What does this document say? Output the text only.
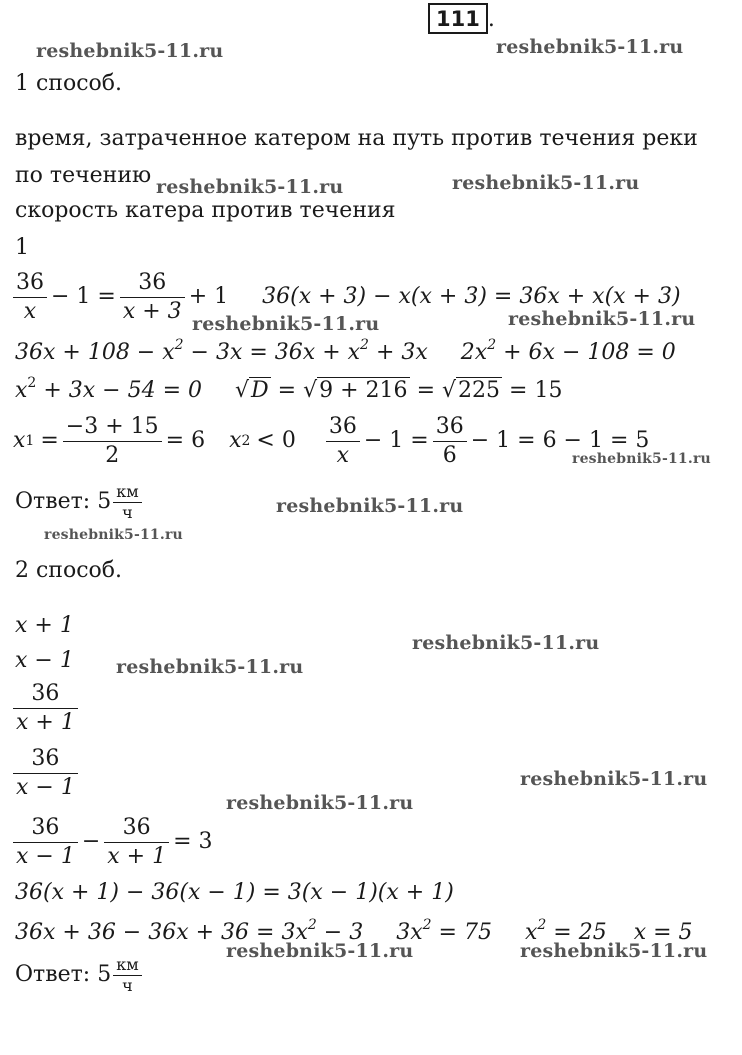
111 .
reshebnik5-11.ru	reshebnik5-11.ru
reshebnik5-11.ru	reshebnik5-11.ru
reshebnik5-11.ru	reshebnik5-11.ru
reshebnik5-11.ru
reshebnik5-11.ru
reshebnik5-11.ru
reshebnik5-11.ru
reshebnik5-11.ru
reshebnik5-11.ru
reshebnik5-11.ru
reshebnik5-11.ru	reshebnik5-11.ru
1 способ.
время, затраченное катером на путь против течения реки
по течению
скорость катера против течения
1
$\frac{36}{x} - 1 = \frac{36}{x + 3} + 1$ 36(x + 3) − x(x + 3) = 36x + x(x + 3)
$36x + 108 - x^2 - 3x = 36x + x^2 + 3x$ $2x^2 + 6x - 108 = 0$
$x^2 + 3x - 54 = 0$ √D = √9 + 216 = √225 = 15
x $1 = \frac{-3 + 15}{2} = 6$ x $2 < 0 \frac{36}{x} - 1 = \frac{36}{6} - 1 = 6 - 1 = 5$
Ответ: $5 \frac{км}{ч}$
2 способ.
x + 1
x − 1
$\frac{36}{x + 1}$
$\frac{36}{x - 1}$
$\frac{36}{x - 1} - \frac{36}{x + 1} = 3$
36(x + 1) − 36(x − 1) = 3(x − 1)(x + 1)
$36x + 36 - 36x + 36 = 3x^2 - 3$ $3x^2 = 75$ $x^2 = 25$ x = 5
Ответ: $5 \frac{км}{ч}$
